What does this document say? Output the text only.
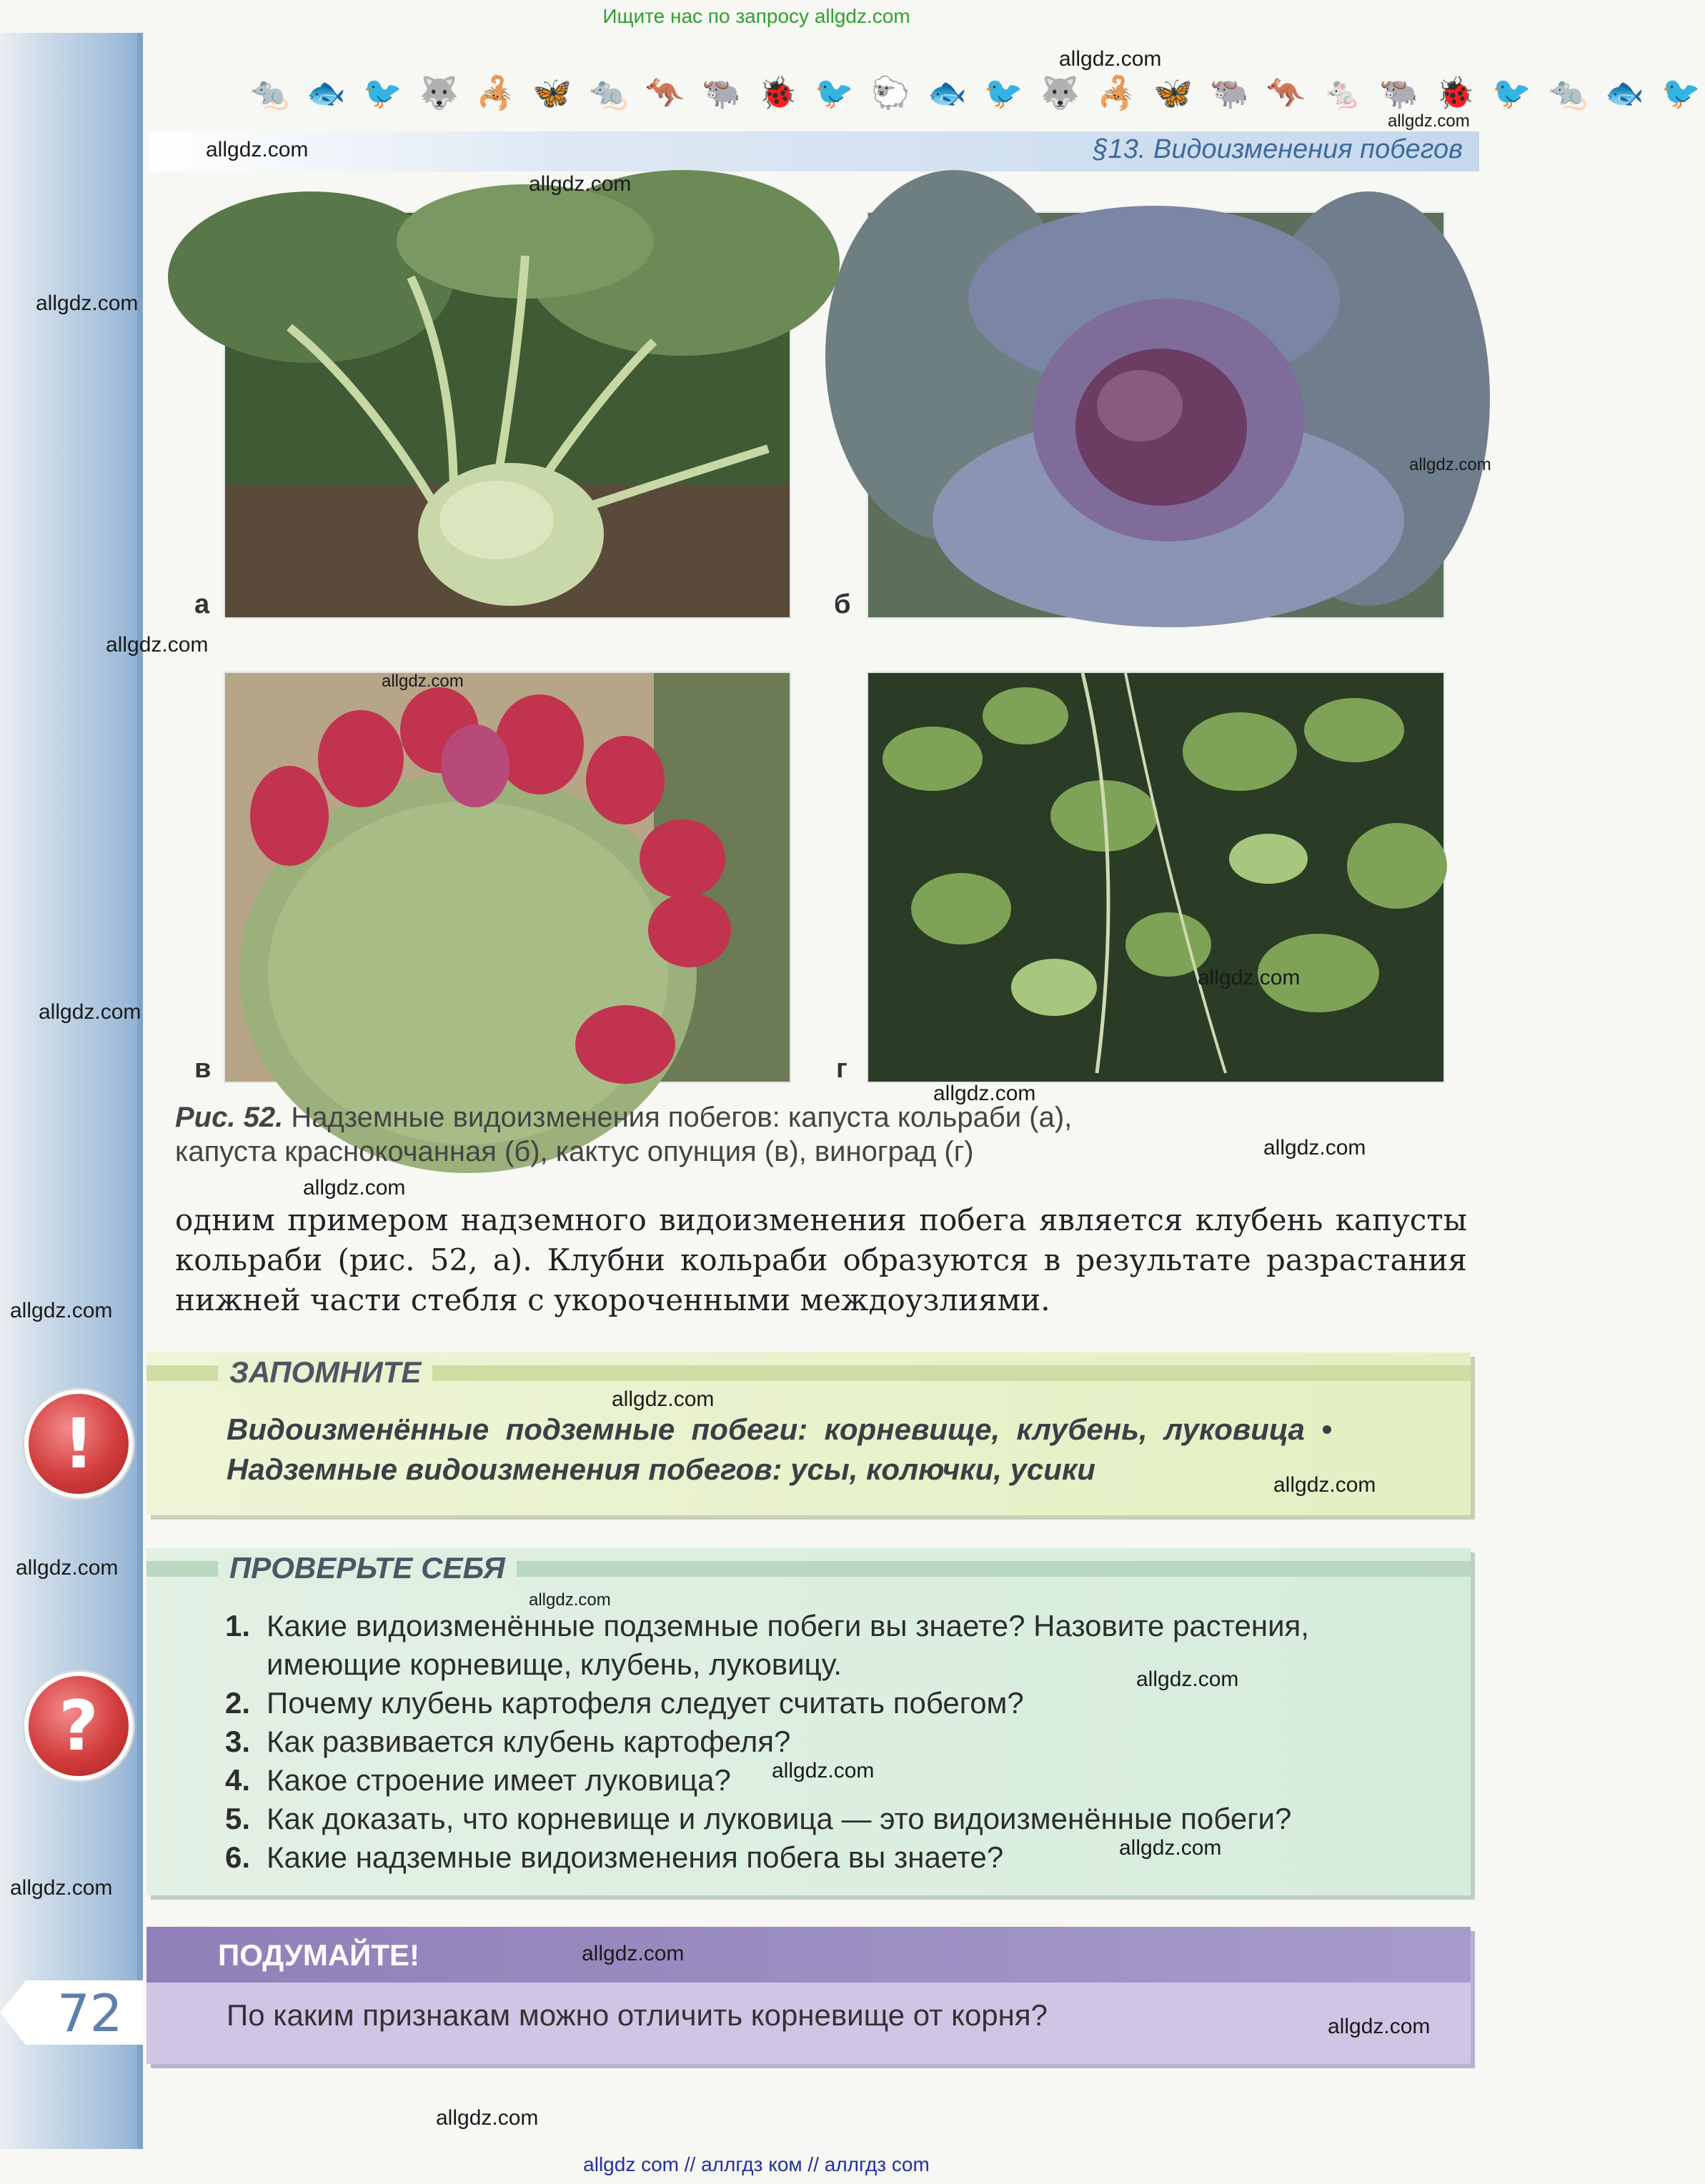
Ищите нас по запросу allgdz.com
🐀 🐟 🐦 🐺 🦂 🦋 🐀 🦘 🐃 🐞 🐦 🐑 🐟 🐦 🐺 🦂 🦋 🐃 🦘 🐁 🐃 🐞 🐦 🐀 🐟 🐦
§13. Видоизменения побегов
а	б
в	г
Рис. 52. Надземные видоизменения побегов: капуста кольраби (а),
капуста краснокочанная (б), кактус опунция (в), виноград (г)
одним примером надземного видоизменения побега является клубень капусты кольраби (рис. 52, а). Клубни кольраби образуются в результате разрастания нижней части стебля с укороченными междоузлиями.
!
ЗАПОМНИТЕ
Видоизменённые  подземные  побеги:  корневище,  клубень,  луковица  •
Надземные видоизменения побегов: усы, колючки, усики
?
ПРОВЕРЬТЕ СЕБЯ
1. Какие видоизменённые подземные побеги вы знаете? Назовите растения, имеющие корневище, клубень, луковицу.
2. Почему клубень картофеля следует считать побегом?
3. Как развивается клубень картофеля?
4. Какое строение имеет луковица?
5. Как доказать, что корневище и луковица — это видоизменённые побеги?
6. Какие надземные видоизменения побега вы знаете?
ПОДУМАЙТЕ!
По каким признакам можно отличить корневище от корня?
72
allgdz.com
allgdz.com
allgdz.com
allgdz.com
allgdz.com
allgdz.com
allgdz.com
allgdz.com
allgdz.com
allgdz.com
allgdz.com
allgdz.com
allgdz.com
allgdz.com
allgdz.com
allgdz.com
allgdz.com
allgdz.com
allgdz.com
allgdz.com
allgdz.com
allgdz.com
allgdz.com
allgdz.com
allgdz.com
allgdz com // аллгдз ком // аллгдз com
